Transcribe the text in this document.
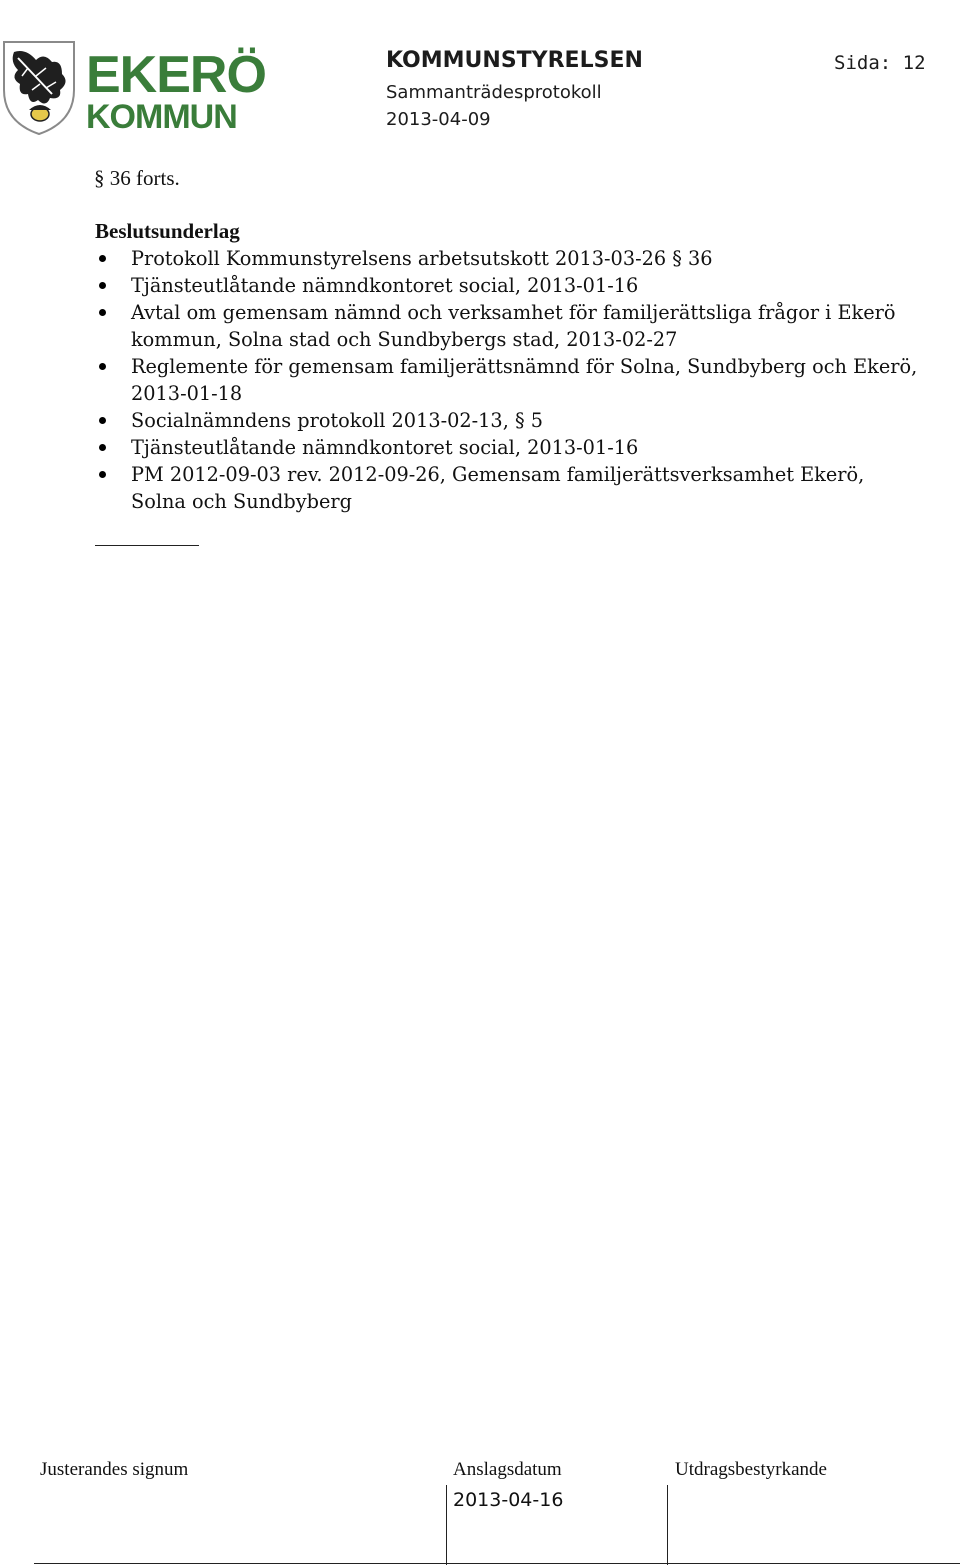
EKERÖ
KOMMUN
KOMMUNSTYRELSEN
Sammanträdesprotokoll
2013-04-09
Sida: 12
§ 36 forts.
Beslutsunderlag
Protokoll Kommunstyrelsens arbetsutskott 2013-03-26 § 36
Tjänsteutlåtande nämndkontoret social, 2013-01-16
Avtal om gemensam nämnd och verksamhet för familjerättsliga frågor i Ekerö kommun, Solna stad och Sundbybergs stad, 2013-02-27
Reglemente för gemensam familjerättsnämnd för Solna, Sundbyberg och Ekerö, 2013-01-18
Socialnämndens protokoll 2013-02-13, § 5
Tjänsteutlåtande nämndkontoret social, 2013-01-16
PM 2012-09-03 rev. 2012-09-26, Gemensam familjerättsverksamhet Ekerö, Solna och Sundbyberg
Justerandes signum	Anslagsdatum	Utdragsbestyrkande
2013-04-16
